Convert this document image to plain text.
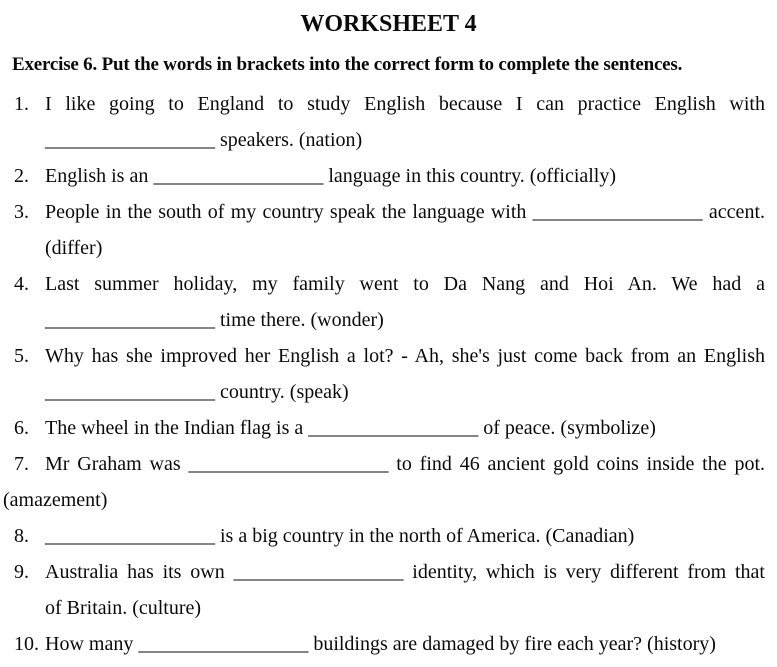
WORKSHEET 4
Exercise 6. Put the words in brackets into the correct form to complete the sentences.
1. I like going to England to study English because I can practice English with
_________________ speakers. (nation)
2. English is an _________________ language in this country. (officially)
3. People in the south of my country speak the language with _________________ accent.
(differ)
4. Last summer holiday, my family went to Da Nang and Hoi An. We had a
_________________ time there. (wonder)
5. Why has she improved her English a lot? - Ah, she's just come back from an English
_________________ country. (speak)
6. The wheel in the Indian flag is a _________________ of peace. (symbolize)
7. Mr Graham was ____________________ to find 46 ancient gold coins inside the pot.
(amazement)
8. _________________ is a big country in the north of America. (Canadian)
9. Australia has its own _________________ identity, which is very different from that
of Britain. (culture)
10. How many _________________ buildings are damaged by fire each year? (history)
